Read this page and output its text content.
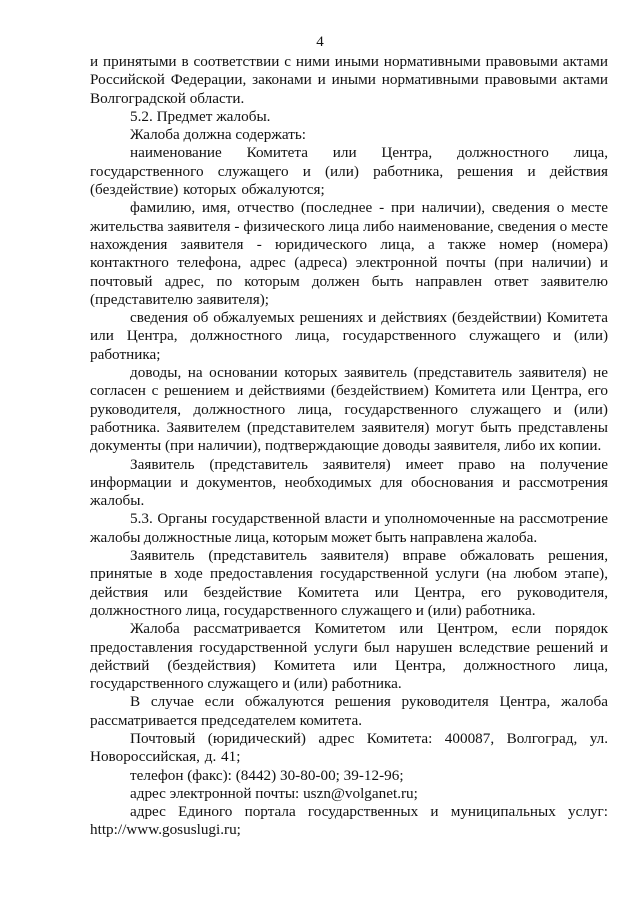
4

и принятыми в соответствии с ними иными нормативными правовыми актами Российской Федерации, законами и иными нормативными правовыми актами Волгоградской области.

5.2. Предмет жалобы.

Жалоба должна содержать:

наименование Комитета или Центра, должностного лица, государственного служащего и (или) работника, решения и действия (бездействие) которых обжалуются;

фамилию, имя, отчество (последнее - при наличии), сведения о месте жительства заявителя - физического лица либо наименование, сведения о месте нахождения заявителя - юридического лица, а также номер (номера) контактного телефона, адрес (адреса) электронной почты (при наличии) и почтовый адрес, по которым должен быть направлен ответ заявителю (представителю заявителя);

сведения об обжалуемых решениях и действиях (бездействии) Комитета или Центра, должностного лица, государственного служащего и (или) работника;

доводы, на основании которых заявитель (представитель заявителя) не согласен с решением и действиями (бездействием) Комитета или Центра, его руководителя, должностного лица, государственного служащего и (или) работника. Заявителем (представителем заявителя) могут быть представлены документы (при наличии), подтверждающие доводы заявителя, либо их копии.

Заявитель (представитель заявителя) имеет право на получение информации и документов, необходимых для обоснования и рассмотрения жалобы.

5.3. Органы государственной власти и уполномоченные на рассмотрение жалобы должностные лица, которым может быть направлена жалоба.

Заявитель (представитель заявителя) вправе обжаловать решения, принятые в ходе предоставления государственной услуги (на любом этапе), действия или бездействие Комитета или Центра, его руководителя, должностного лица, государственного служащего и (или) работника.

Жалоба рассматривается Комитетом или Центром, если порядок предоставления государственной услуги был нарушен вследствие решений и действий (бездействия) Комитета или Центра, должностного лица, государственного служащего и (или) работника.

В случае если обжалуются решения руководителя Центра, жалоба рассматривается председателем комитета.

Почтовый (юридический) адрес Комитета: 400087, Волгоград, ул. Новороссийская, д. 41;

телефон (факс): (8442) 30-80-00; 39-12-96;

адрес электронной почты: uszn@volganet.ru;

адрес Единого портала государственных и муниципальных услуг: http://www.gosuslugi.ru;
